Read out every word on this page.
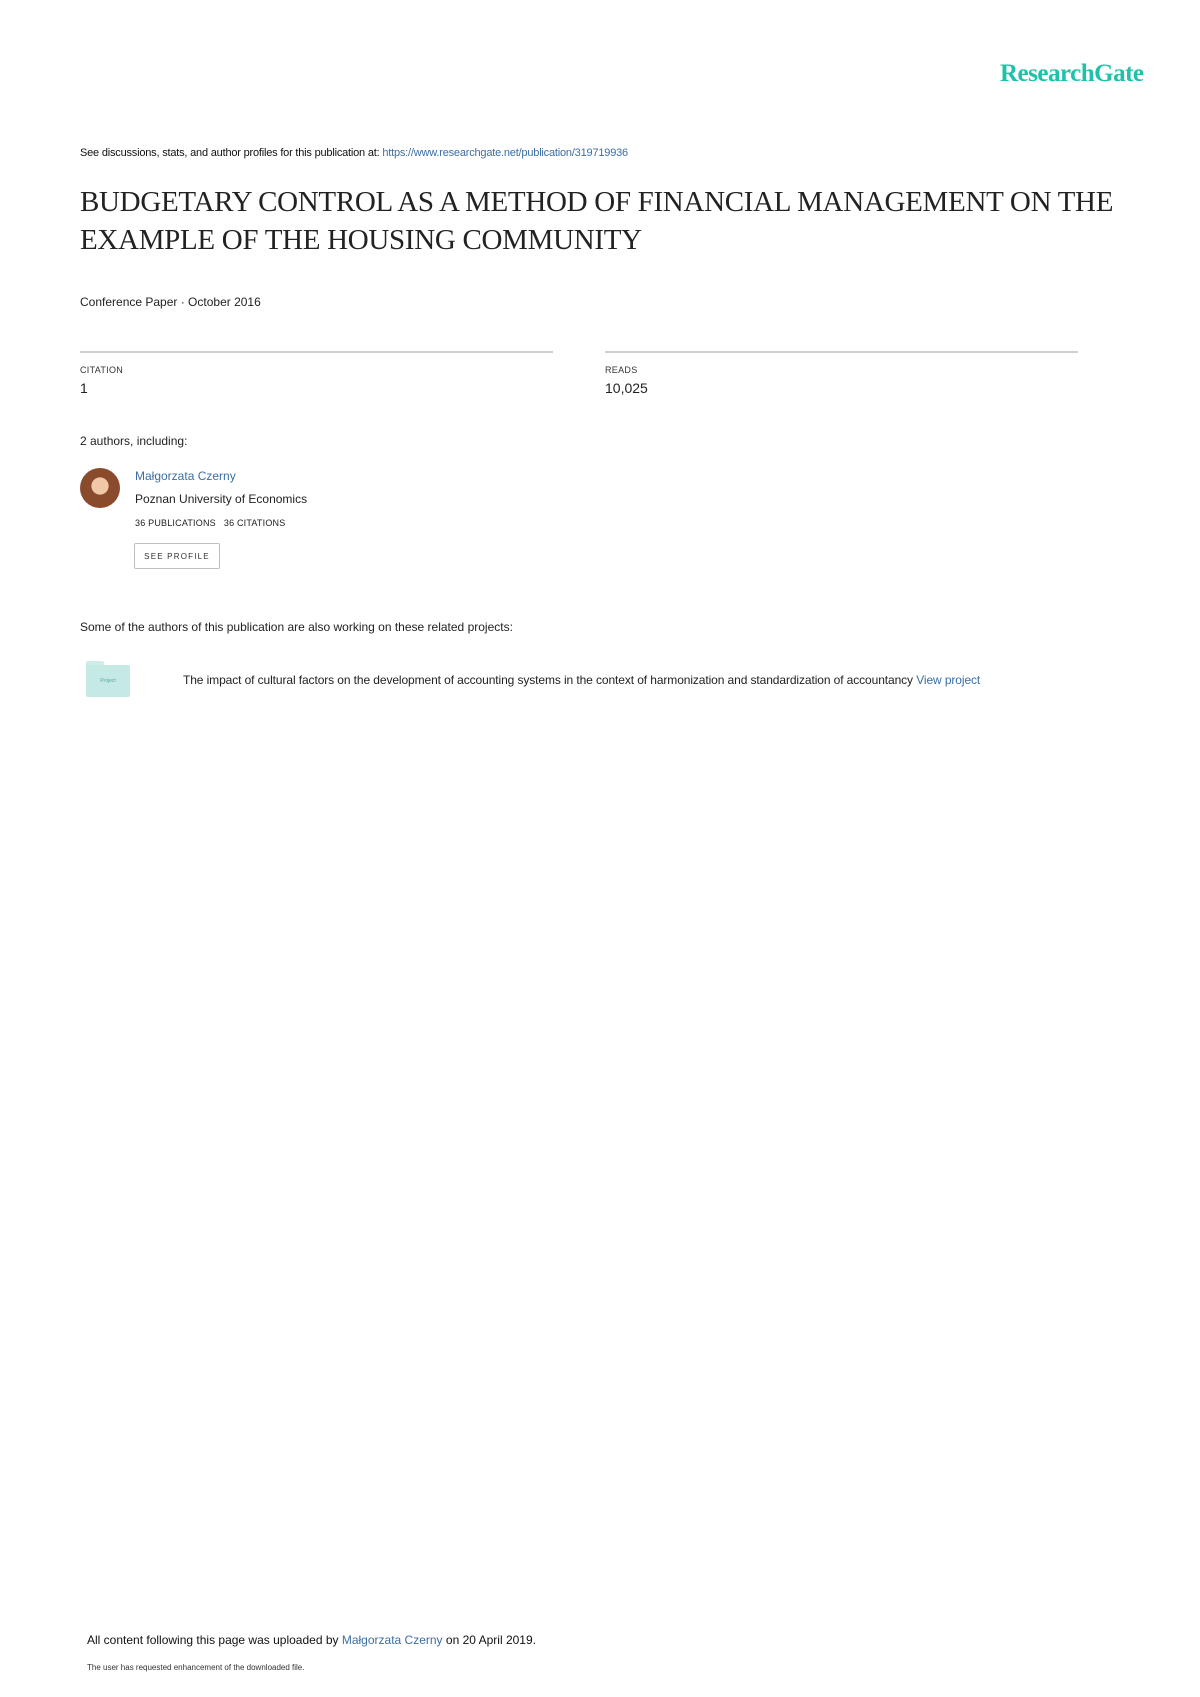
ResearchGate
See discussions, stats, and author profiles for this publication at: https://www.researchgate.net/publication/319719936
BUDGETARY CONTROL AS A METHOD OF FINANCIAL MANAGEMENT ON THE EXAMPLE OF THE HOUSING COMMUNITY
Conference Paper · October 2016
CITATION
1
READS
10,025
2 authors, including:
Małgorzata Czerny
Poznan University of Economics
36 PUBLICATIONS 36 CITATIONS
SEE PROFILE
Some of the authors of this publication are also working on these related projects:
Project	The impact of cultural factors on the development of accounting systems in the context of harmonization and standardization of accountancy View project
All content following this page was uploaded by Małgorzata Czerny on 20 April 2019.
The user has requested enhancement of the downloaded file.
